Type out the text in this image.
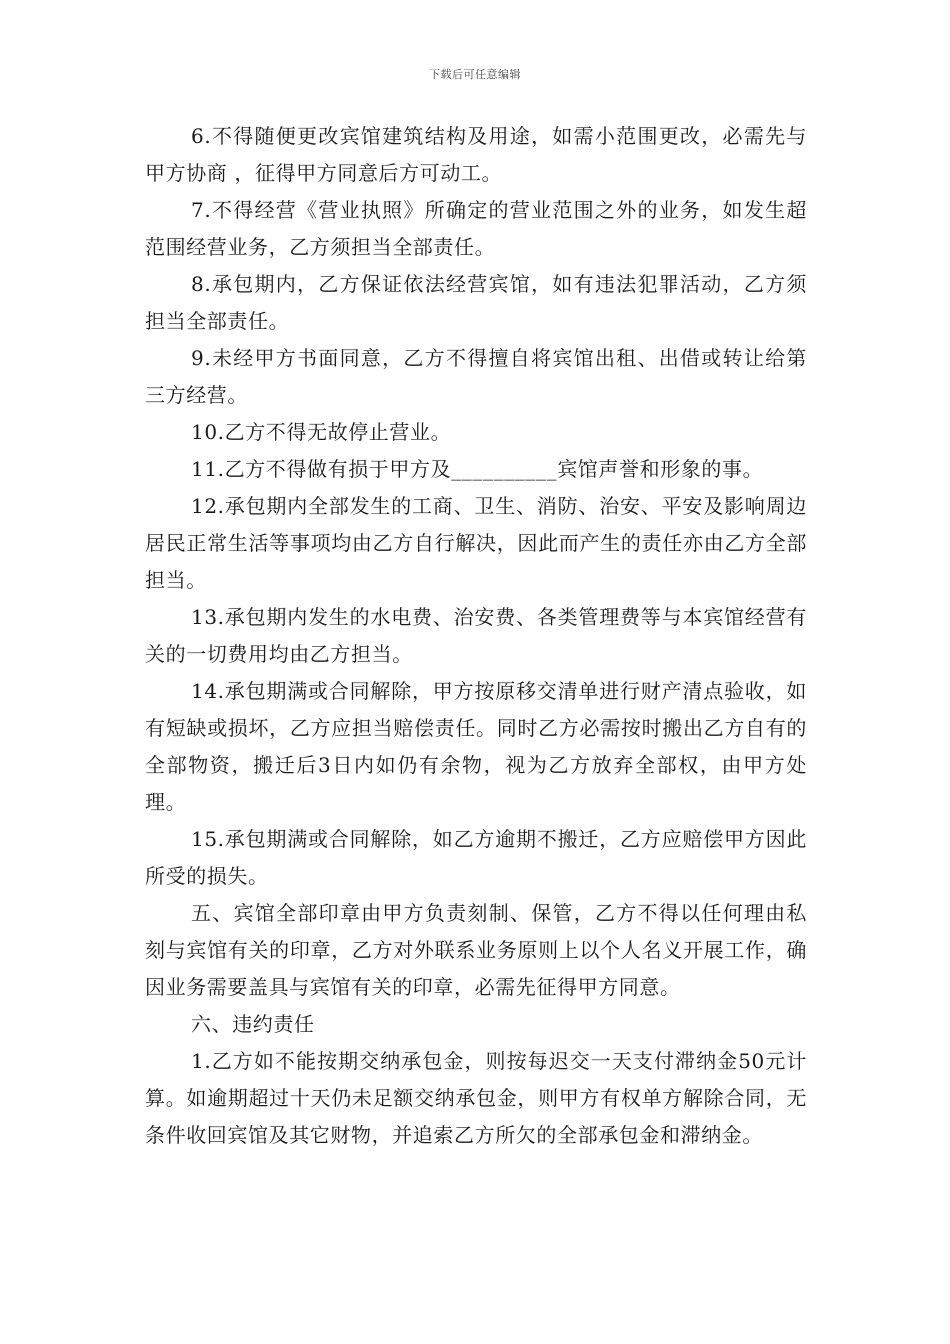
下载后可任意编辑

6.不得随便更改宾馆建筑结构及用途，如需小范围更改，必需先与甲方协商 ，征得甲方同意后方可动工。

7.不得经营《营业执照》所确定的营业范围之外的业务，如发生超范围经营业务，乙方须担当全部责任。

8.承包期内，乙方保证依法经营宾馆，如有违法犯罪活动，乙方须担当全部责任。

9.未经甲方书面同意，乙方不得擅自将宾馆出租、出借或转让给第三方经营。

10.乙方不得无故停止营业。

11.乙方不得做有损于甲方及__________宾馆声誉和形象的事。

12.承包期内全部发生的工商、卫生、消防、治安、平安及影响周边居民正常生活等事项均由乙方自行解决，因此而产生的责任亦由乙方全部担当。

13.承包期内发生的水电费、治安费、各类管理费等与本宾馆经营有关的一切费用均由乙方担当。

14.承包期满或合同解除，甲方按原移交清单进行财产清点验收，如有短缺或损坏，乙方应担当赔偿责任。同时乙方必需按时搬出乙方自有的全部物资，搬迁后3日内如仍有余物，视为乙方放弃全部权，由甲方处理。

15.承包期满或合同解除，如乙方逾期不搬迁，乙方应赔偿甲方因此所受的损失。

五、宾馆全部印章由甲方负责刻制、保管，乙方不得以任何理由私刻与宾馆有关的印章，乙方对外联系业务原则上以个人名义开展工作，确因业务需要盖具与宾馆有关的印章，必需先征得甲方同意。

六、违约责任

1.乙方如不能按期交纳承包金，则按每迟交一天支付滞纳金50元计算。如逾期超过十天仍未足额交纳承包金，则甲方有权单方解除合同，无条件收回宾馆及其它财物，并追索乙方所欠的全部承包金和滞纳金。
